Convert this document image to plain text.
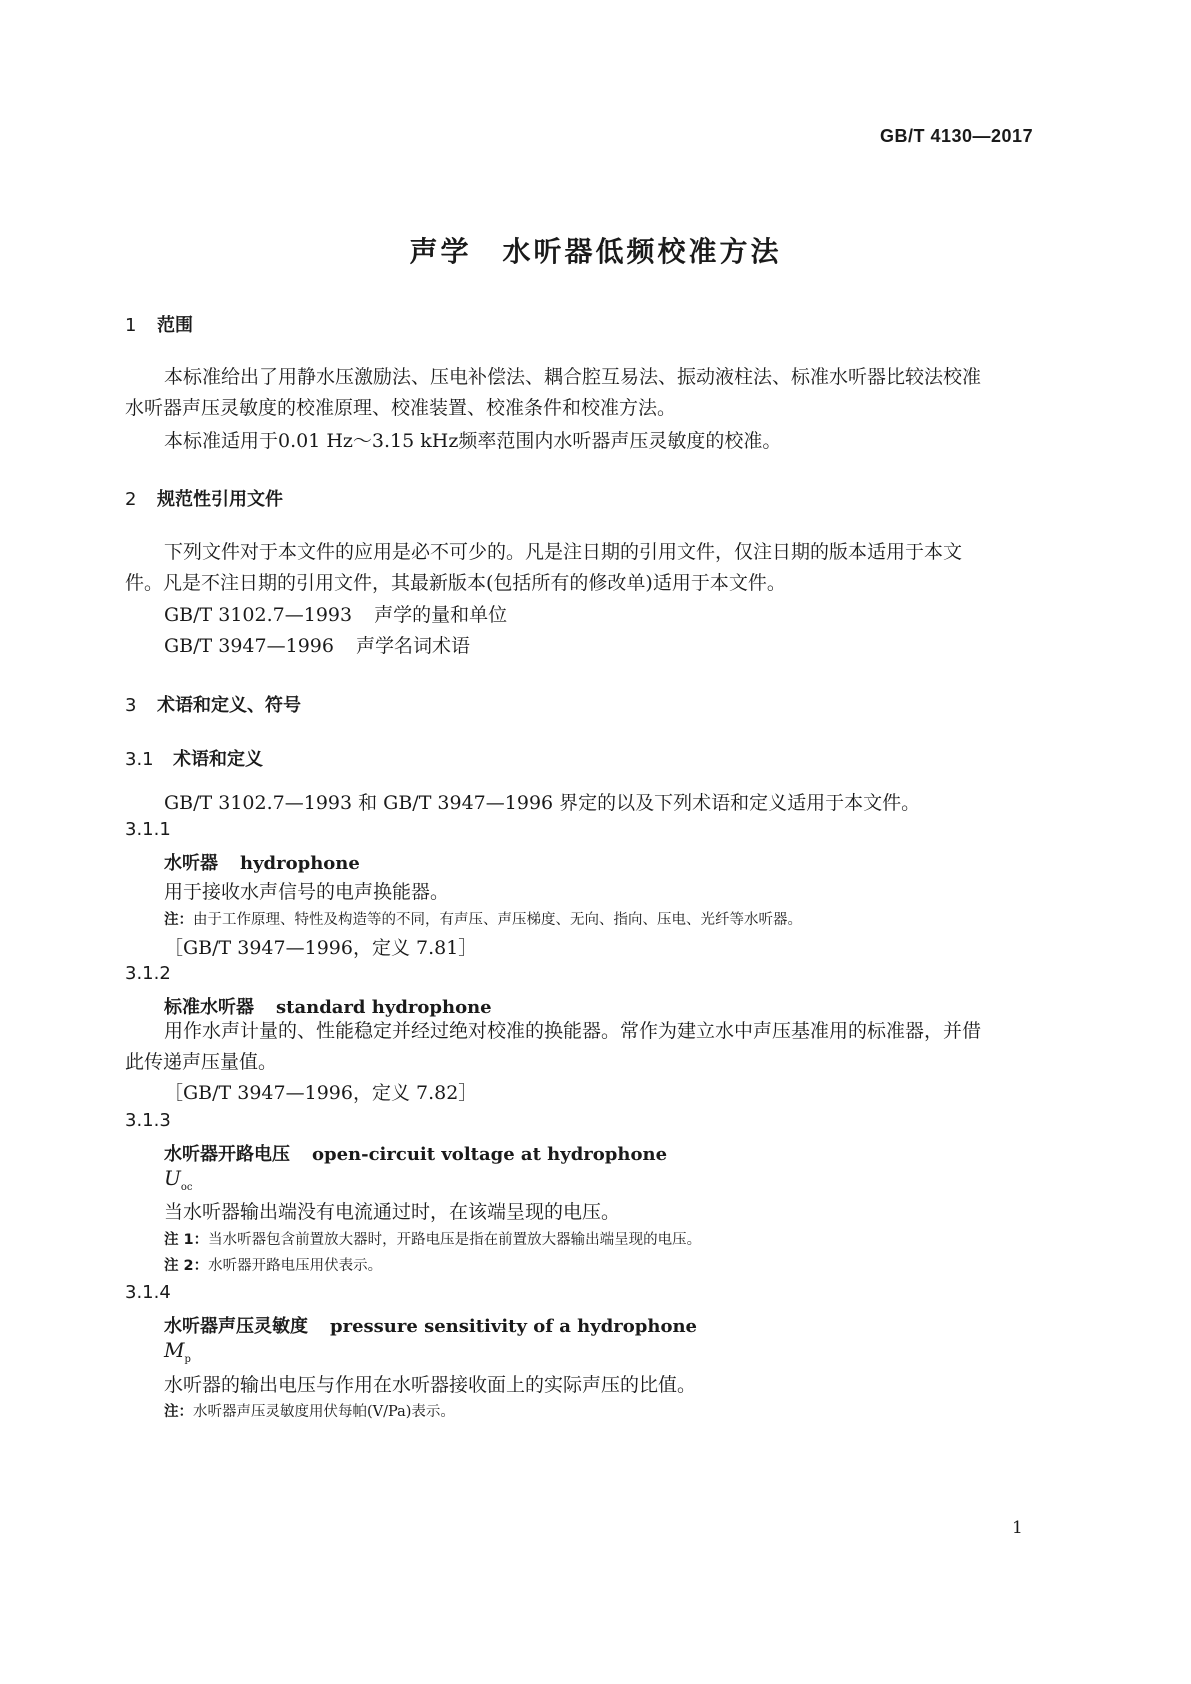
GB/T 4130—2017
声学　水听器低频校准方法
1 范围
本标准给出了用静水压激励法、压电补偿法、耦合腔互易法、振动液柱法、标准水听器比较法校准水听器声压灵敏度的校准原理、校准装置、校准条件和校准方法。
本标准适用于0.01 Hz～3.15 kHz频率范围内水听器声压灵敏度的校准。
2 规范性引用文件
下列文件对于本文件的应用是必不可少的。凡是注日期的引用文件，仅注日期的版本适用于本文件。凡是不注日期的引用文件，其最新版本(包括所有的修改单)适用于本文件。
GB/T 3102.7—1993 声学的量和单位
GB/T 3947—1996 声学名词术语
3 术语和定义、符号
3.1 术语和定义
GB/T 3102.7—1993 和 GB/T 3947—1996 界定的以及下列术语和定义适用于本文件。
3.1.1
水听器 hydrophone
用于接收水声信号的电声换能器。
注：由于工作原理、特性及构造等的不同，有声压、声压梯度、无向、指向、压电、光纤等水听器。
［GB/T 3947—1996，定义 7.81］
3.1.2
标准水听器 standard hydrophone
用作水声计量的、性能稳定并经过绝对校准的换能器。常作为建立水中声压基准用的标准器，并借此传递声压量值。
［GB/T 3947—1996，定义 7.82］
3.1.3
水听器开路电压 open-circuit voltage at hydrophone
$U_{oc}$
当水听器输出端没有电流通过时，在该端呈现的电压。
注 1：当水听器包含前置放大器时，开路电压是指在前置放大器输出端呈现的电压。
注 2：水听器开路电压用伏表示。
3.1.4
水听器声压灵敏度 pressure sensitivity of a hydrophone
$M_p$
水听器的输出电压与作用在水听器接收面上的实际声压的比值。
注：水听器声压灵敏度用伏每帕(V/Pa)表示。
1
